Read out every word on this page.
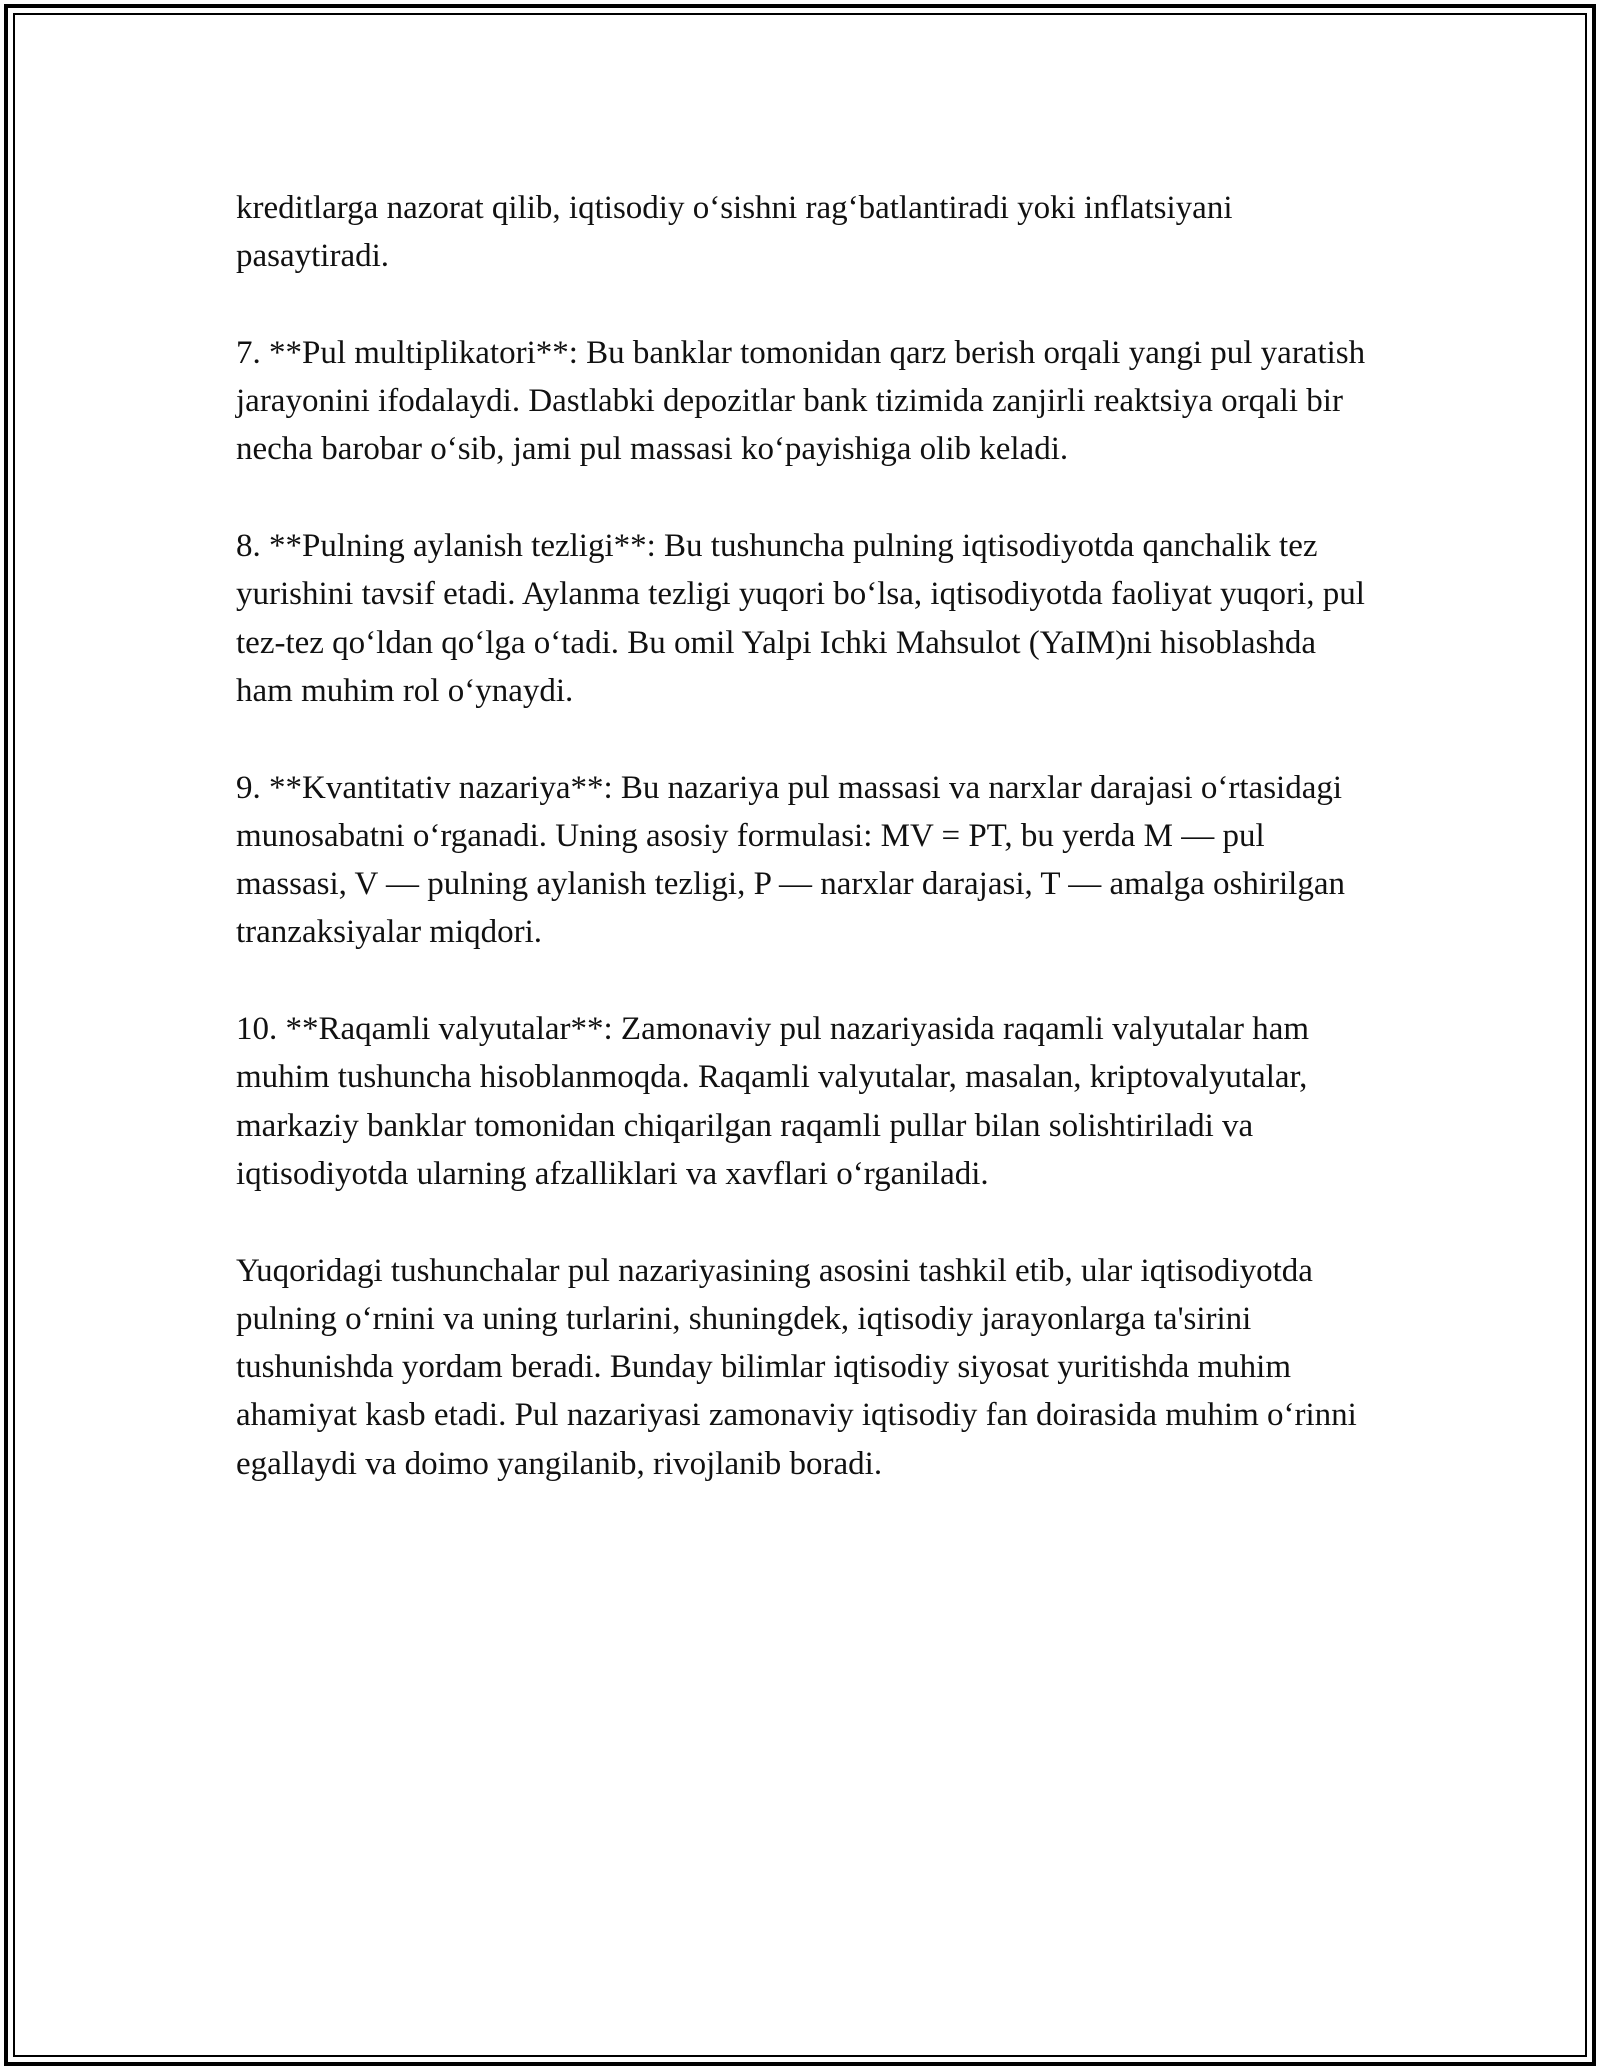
kreditlarga nazorat qilib, iqtisodiy o‘sishni rag‘batlantiradi yoki inflatsiyani pasaytiradi.

7. **Pul multiplikatori**: Bu banklar tomonidan qarz berish orqali yangi pul yaratish jarayonini ifodalaydi. Dastlabki depozitlar bank tizimida zanjirli reaktsiya orqali bir necha barobar o‘sib, jami pul massasi ko‘payishiga olib keladi.

8. **Pulning aylanish tezligi**: Bu tushuncha pulning iqtisodiyotda qanchalik tez yurishini tavsif etadi. Aylanma tezligi yuqori bo‘lsa, iqtisodiyotda faoliyat yuqori, pul tez-tez qo‘ldan qo‘lga o‘tadi. Bu omil Yalpi Ichki Mahsulot (YaIM)ni hisoblashda ham muhim rol o‘ynaydi.

9. **Kvantitativ nazariya**: Bu nazariya pul massasi va narxlar darajasi o‘rtasidagi munosabatni o‘rganadi. Uning asosiy formulasi: MV = PT, bu yerda M — pul massasi, V — pulning aylanish tezligi, P — narxlar darajasi, T — amalga oshirilgan tranzaksiyalar miqdori.

10. **Raqamli valyutalar**: Zamonaviy pul nazariyasida raqamli valyutalar ham muhim tushuncha hisoblanmoqda. Raqamli valyutalar, masalan, kriptovalyutalar, markaziy banklar tomonidan chiqarilgan raqamli pullar bilan solishtiriladi va iqtisodiyotda ularning afzalliklari va xavflari o‘rganiladi.

Yuqoridagi tushunchalar pul nazariyasining asosini tashkil etib, ular iqtisodiyotda pulning o‘rnini va uning turlarini, shuningdek, iqtisodiy jarayonlarga ta'sirini tushunishda yordam beradi. Bunday bilimlar iqtisodiy siyosat yuritishda muhim ahamiyat kasb etadi. Pul nazariyasi zamonaviy iqtisodiy fan doirasida muhim o‘rinni egallaydi va doimo yangilanib, rivojlanib boradi.
